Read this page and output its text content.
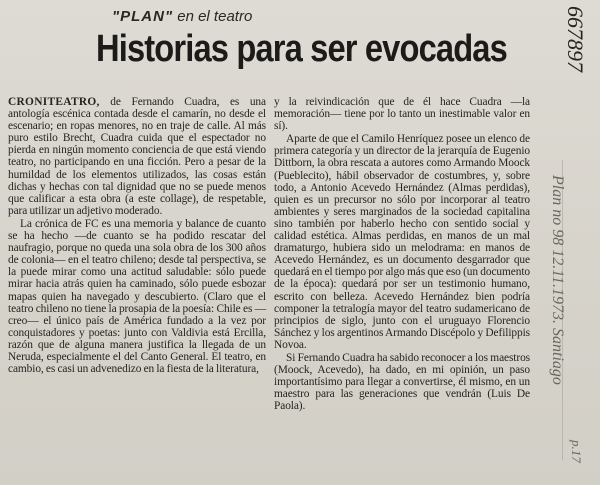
"PLAN" en el teatro
Historias para ser evocadas

CRONITEATRO, de Fernando Cuadra, es una antología escénica contada desde el camarín, no desde el escenario; en ropas menores, no en traje de calle. Al más puro estilo Brecht, Cuadra cuida que el espectador no pierda en ningún momento conciencia de que está viendo teatro, no participando en una ficción. Pero a pesar de la humildad de los elementos utilizados, las cosas están dichas y hechas con tal dignidad que no se puede menos que calificar a esta obra (a este collage), de respetable, para utilizar un adjetivo moderado.

La crónica de FC es una memoria y balance de cuanto se ha hecho —de cuanto se ha podido rescatar del naufragio, porque no queda una sola obra de los 300 años de colonia— en el teatro chileno; desde tal perspectiva, se la puede mirar como una actitud saludable: sólo puede mirar hacia atrás quien ha caminado, sólo puede esbozar mapas quien ha navegado y descubierto. (Claro que el teatro chileno no tiene la prosapia de la poesía: Chile es —creo— el único país de América fundado a la vez por conquistadores y poetas: junto con Valdivia está Ercilla, razón que de alguna manera justifica la llegada de un Neruda, especialmente el del Canto General. El teatro, en cambio, es casi un advenedizo en la fiesta de la literatura,

y la reivindicación que de él hace Cuadra —la memoración— tiene por lo tanto un inestimable valor en sí).

Aparte de que el Camilo Henríquez posee un elenco de primera categoría y un director de la jerarquía de Eugenio Dittborn, la obra rescata a autores como Armando Moock (Pueblecito), hábil observador de costumbres, y, sobre todo, a Antonio Acevedo Hernández (Almas perdidas), quien es un precursor no sólo por incorporar al teatro ambientes y seres marginados de la sociedad capitalina sino también por haberlo hecho con sentido social y calidad estética. Almas perdidas, en manos de un mal dramaturgo, hubiera sido un melodrama: en manos de Acevedo Hernández, es un documento desgarrador que quedará en el tiempo por algo más que eso (un documento de la época): quedará por ser un testimonio humano, escrito con belleza. Acevedo Hernández bien podría componer la tetralogía mayor del teatro sudamericano de principios de siglo, junto con el uruguayo Florencio Sánchez y los argentinos Armando Discépolo y Defilippis Novoa.

Si Fernando Cuadra ha sabido reconocer a los maestros (Moock, Acevedo), ha dado, en mi opinión, un paso importantísimo para llegar a convertirse, él mismo, en un maestro para las generaciones que vendrán (Luis De Paola).

667897
Plan no 98 12.11.1973. Santiago
p.17
